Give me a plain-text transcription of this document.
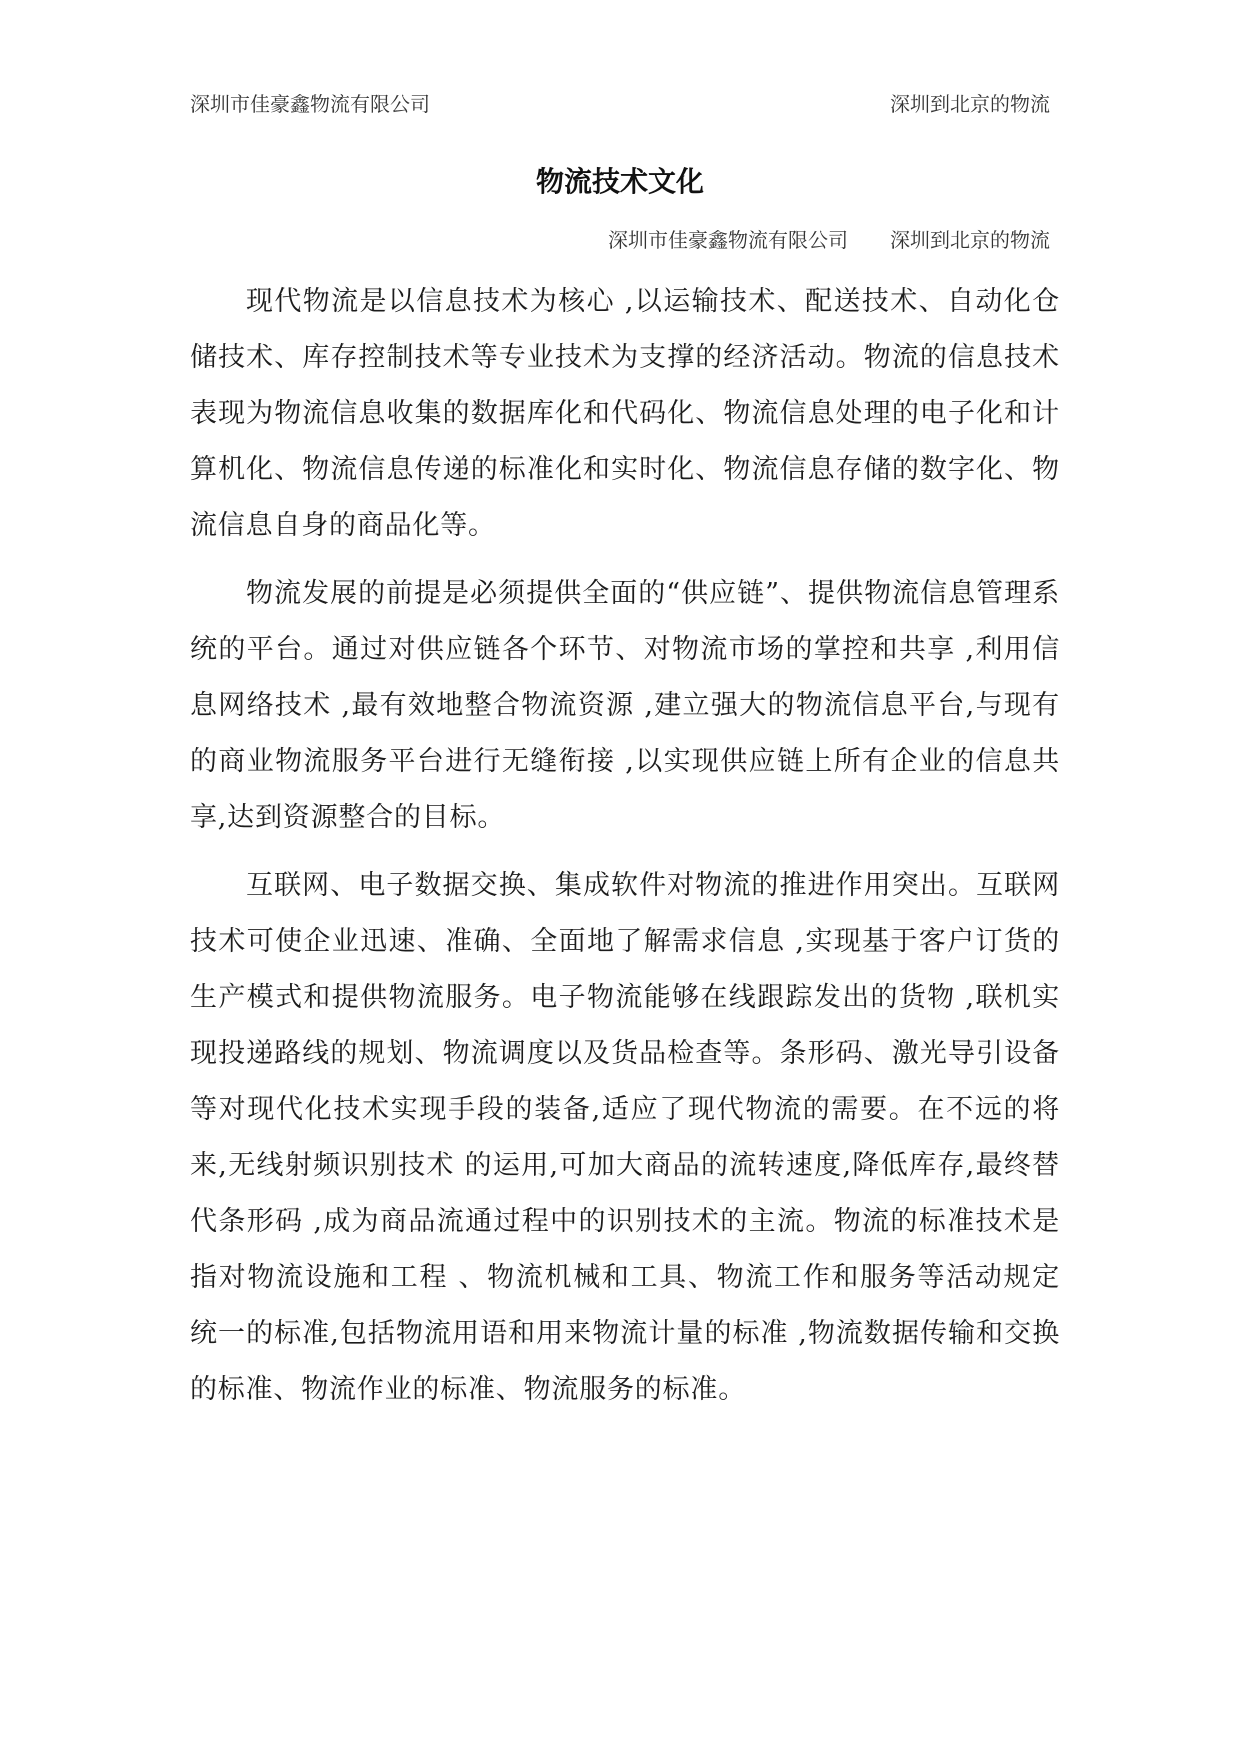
深圳市佳豪鑫物流有限公司	深圳到北京的物流
物流技术文化
深圳市佳豪鑫物流有限公司 深圳到北京的物流

现代物流是以信息技术为核心 ,以运输技术、配送技术、自动化仓储技术、库存控制技术等专业技术为支撑的经济活动。物流的信息技术表现为物流信息收集的数据库化和代码化、物流信息处理的电子化和计算机化、物流信息传递的标准化和实时化、物流信息存储的数字化、物流信息自身的商品化等。

物流发展的前提是必须提供全面的“供应链”、提供物流信息管理系统的平台。通过对供应链各个环节、对物流市场的掌控和共享 ,利用信息网络技术 ,最有效地整合物流资源 ,建立强大的物流信息平台,与现有的商业物流服务平台进行无缝衔接 ,以实现供应链上所有企业的信息共享,达到资源整合的目标。

互联网、电子数据交换、集成软件对物流的推进作用突出。互联网技术可使企业迅速、准确、全面地了解需求信息 ,实现基于客户订货的生产模式和提供物流服务。电子物流能够在线跟踪发出的货物 ,联机实现投递路线的规划、物流调度以及货品检查等。条形码、激光导引设备等对现代化技术实现手段的装备,适应了现代物流的需要。在不远的将来,无线射频识别技术 的运用,可加大商品的流转速度,降低库存,最终替代条形码 ,成为商品流通过程中的识别技术的主流。物流的标准技术是指对物流设施和工程 、物流机械和工具、物流工作和服务等活动规定统一的标准,包括物流用语和用来物流计量的标准 ,物流数据传输和交换的标准、物流作业的标准、物流服务的标准。
